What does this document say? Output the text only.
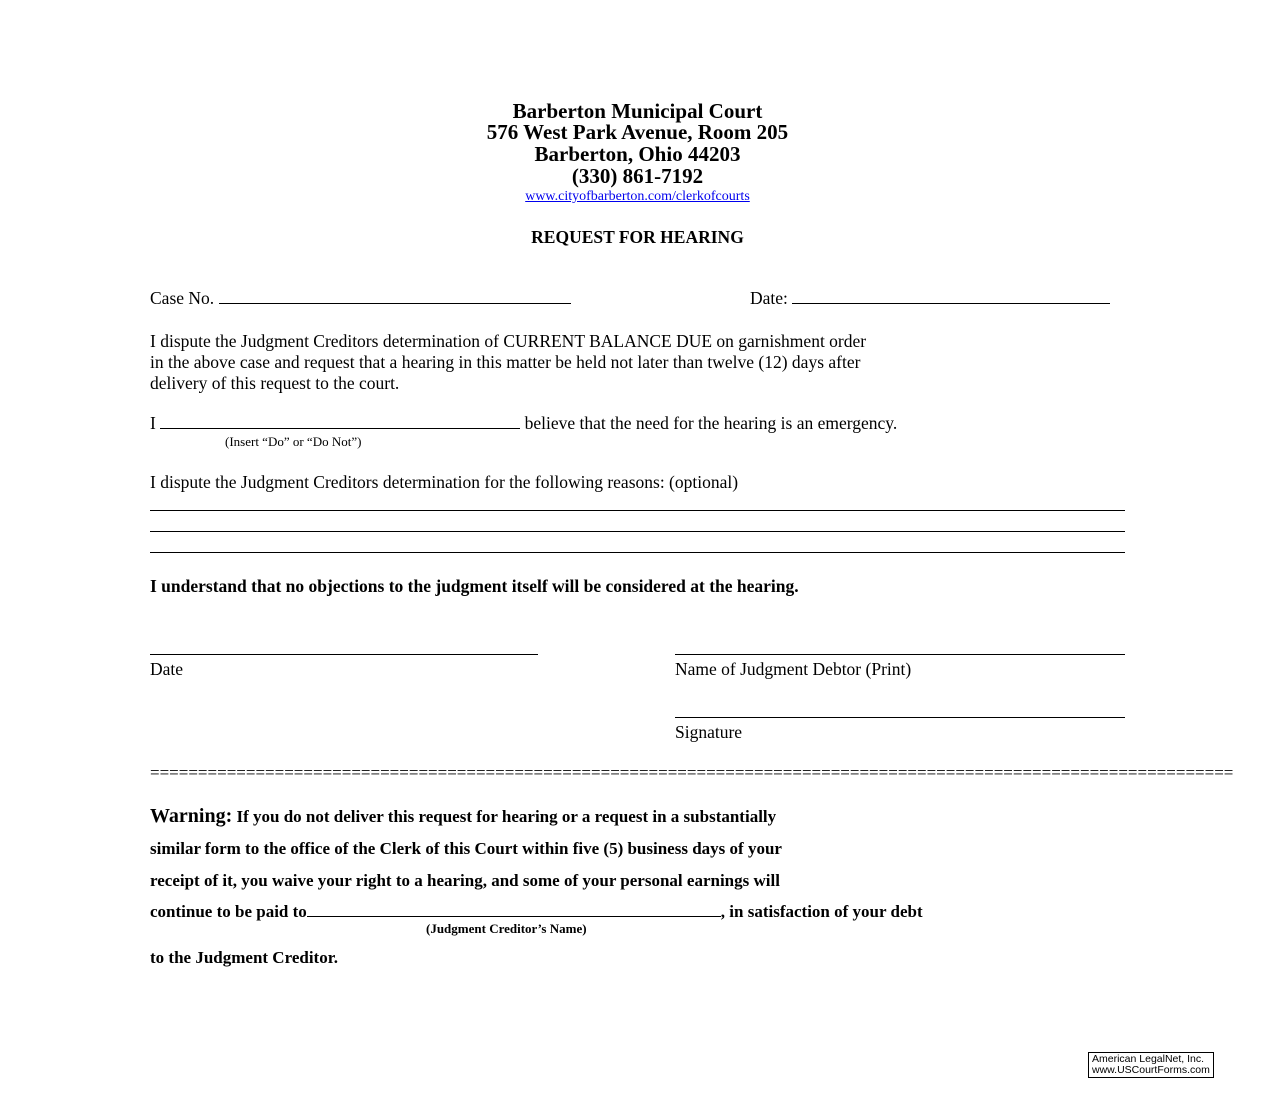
Barberton Municipal Court
576 West Park Avenue, Room 205
Barberton, Ohio 44203
(330) 861-7192
www.cityofbarberton.com/clerkofcourts
REQUEST FOR HEARING
Case No.	Date:
I dispute the Judgment Creditors determination of CURRENT BALANCE DUE on garnishment order
in the above case and request that a hearing in this matter be held not later than twelve (12) days after
delivery of this request to the court.
I	believe that the need for the hearing is an emergency.
(Insert “Do” or “Do Not”)
I dispute the Judgment Creditors determination for the following reasons: (optional)
I understand that no objections to the judgment itself will be considered at the hearing.
Date	Name of Judgment Debtor (Print)
Signature
=================================================================================================================
Warning: If you do not deliver this request for hearing or a request in a substantially
similar form to the office of the Clerk of this Court within five (5) business days of your
receipt of it, you waive your right to a hearing, and some of your personal earnings will
continue to be paid to	, in satisfaction of your debt
(Judgment Creditor’s Name)
to the Judgment Creditor.
American LegalNet, Inc.
www.USCourtForms.com
